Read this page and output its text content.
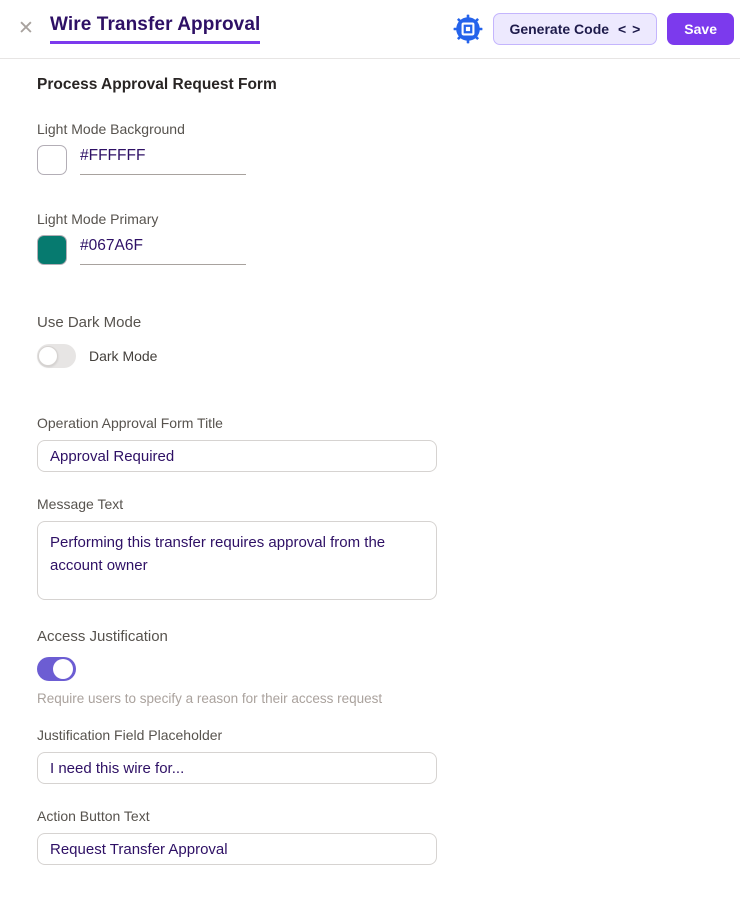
✕ Wire Transfer Approval	Generate Code < >	Save
Process Approval Request Form
Light Mode Background
#FFFFFF
Light Mode Primary
#067A6F
Use Dark Mode
Dark Mode
Operation Approval Form Title
Approval Required
Message Text
Performing this transfer requires approval from the account owner
Access Justification
Require users to specify a reason for their access request
Justification Field Placeholder
I need this wire for...
Action Button Text
Request Transfer Approval
